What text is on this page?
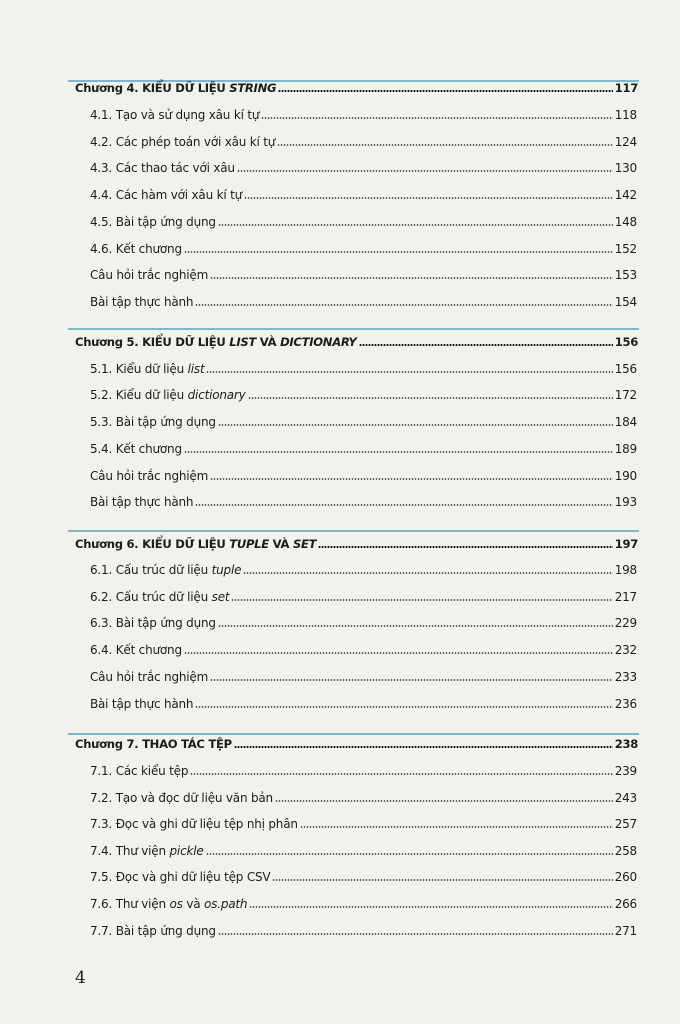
Chương 4. KIỂU DỮ LIỆU STRING	117
4.1. Tạo và sử dụng xâu kí tự	118
4.2. Các phép toán với xâu kí tự	124
4.3. Các thao tác với xâu	130
4.4. Các hàm với xâu kí tự	142
4.5. Bài tập ứng dụng	148
4.6. Kết chương	152
Câu hỏi trắc nghiệm	153
Bài tập thực hành	154
Chương 5. KIỂU DỮ LIỆU LIST VÀ DICTIONARY	156
5.1. Kiểu dữ liệu list	156
5.2. Kiểu dữ liệu dictionary	172
5.3. Bài tập ứng dụng	184
5.4. Kết chương	189
Câu hỏi trắc nghiệm	190
Bài tập thực hành	193
Chương 6. KIỂU DỮ LIỆU TUPLE VÀ SET	197
6.1. Cấu trúc dữ liệu tuple	198
6.2. Cấu trúc dữ liệu set	217
6.3. Bài tập ứng dụng	229
6.4. Kết chương	232
Câu hỏi trắc nghiệm	233
Bài tập thực hành	236
Chương 7. THAO TÁC TỆP	238
7.1. Các kiểu tệp	239
7.2. Tạo và đọc dữ liệu văn bản	243
7.3. Đọc và ghi dữ liệu tệp nhị phân	257
7.4. Thư viện pickle	258
7.5. Đọc và ghi dữ liệu tệp CSV	260
7.6. Thư viện os và os.path	266
7.7. Bài tập ứng dụng	271
4
